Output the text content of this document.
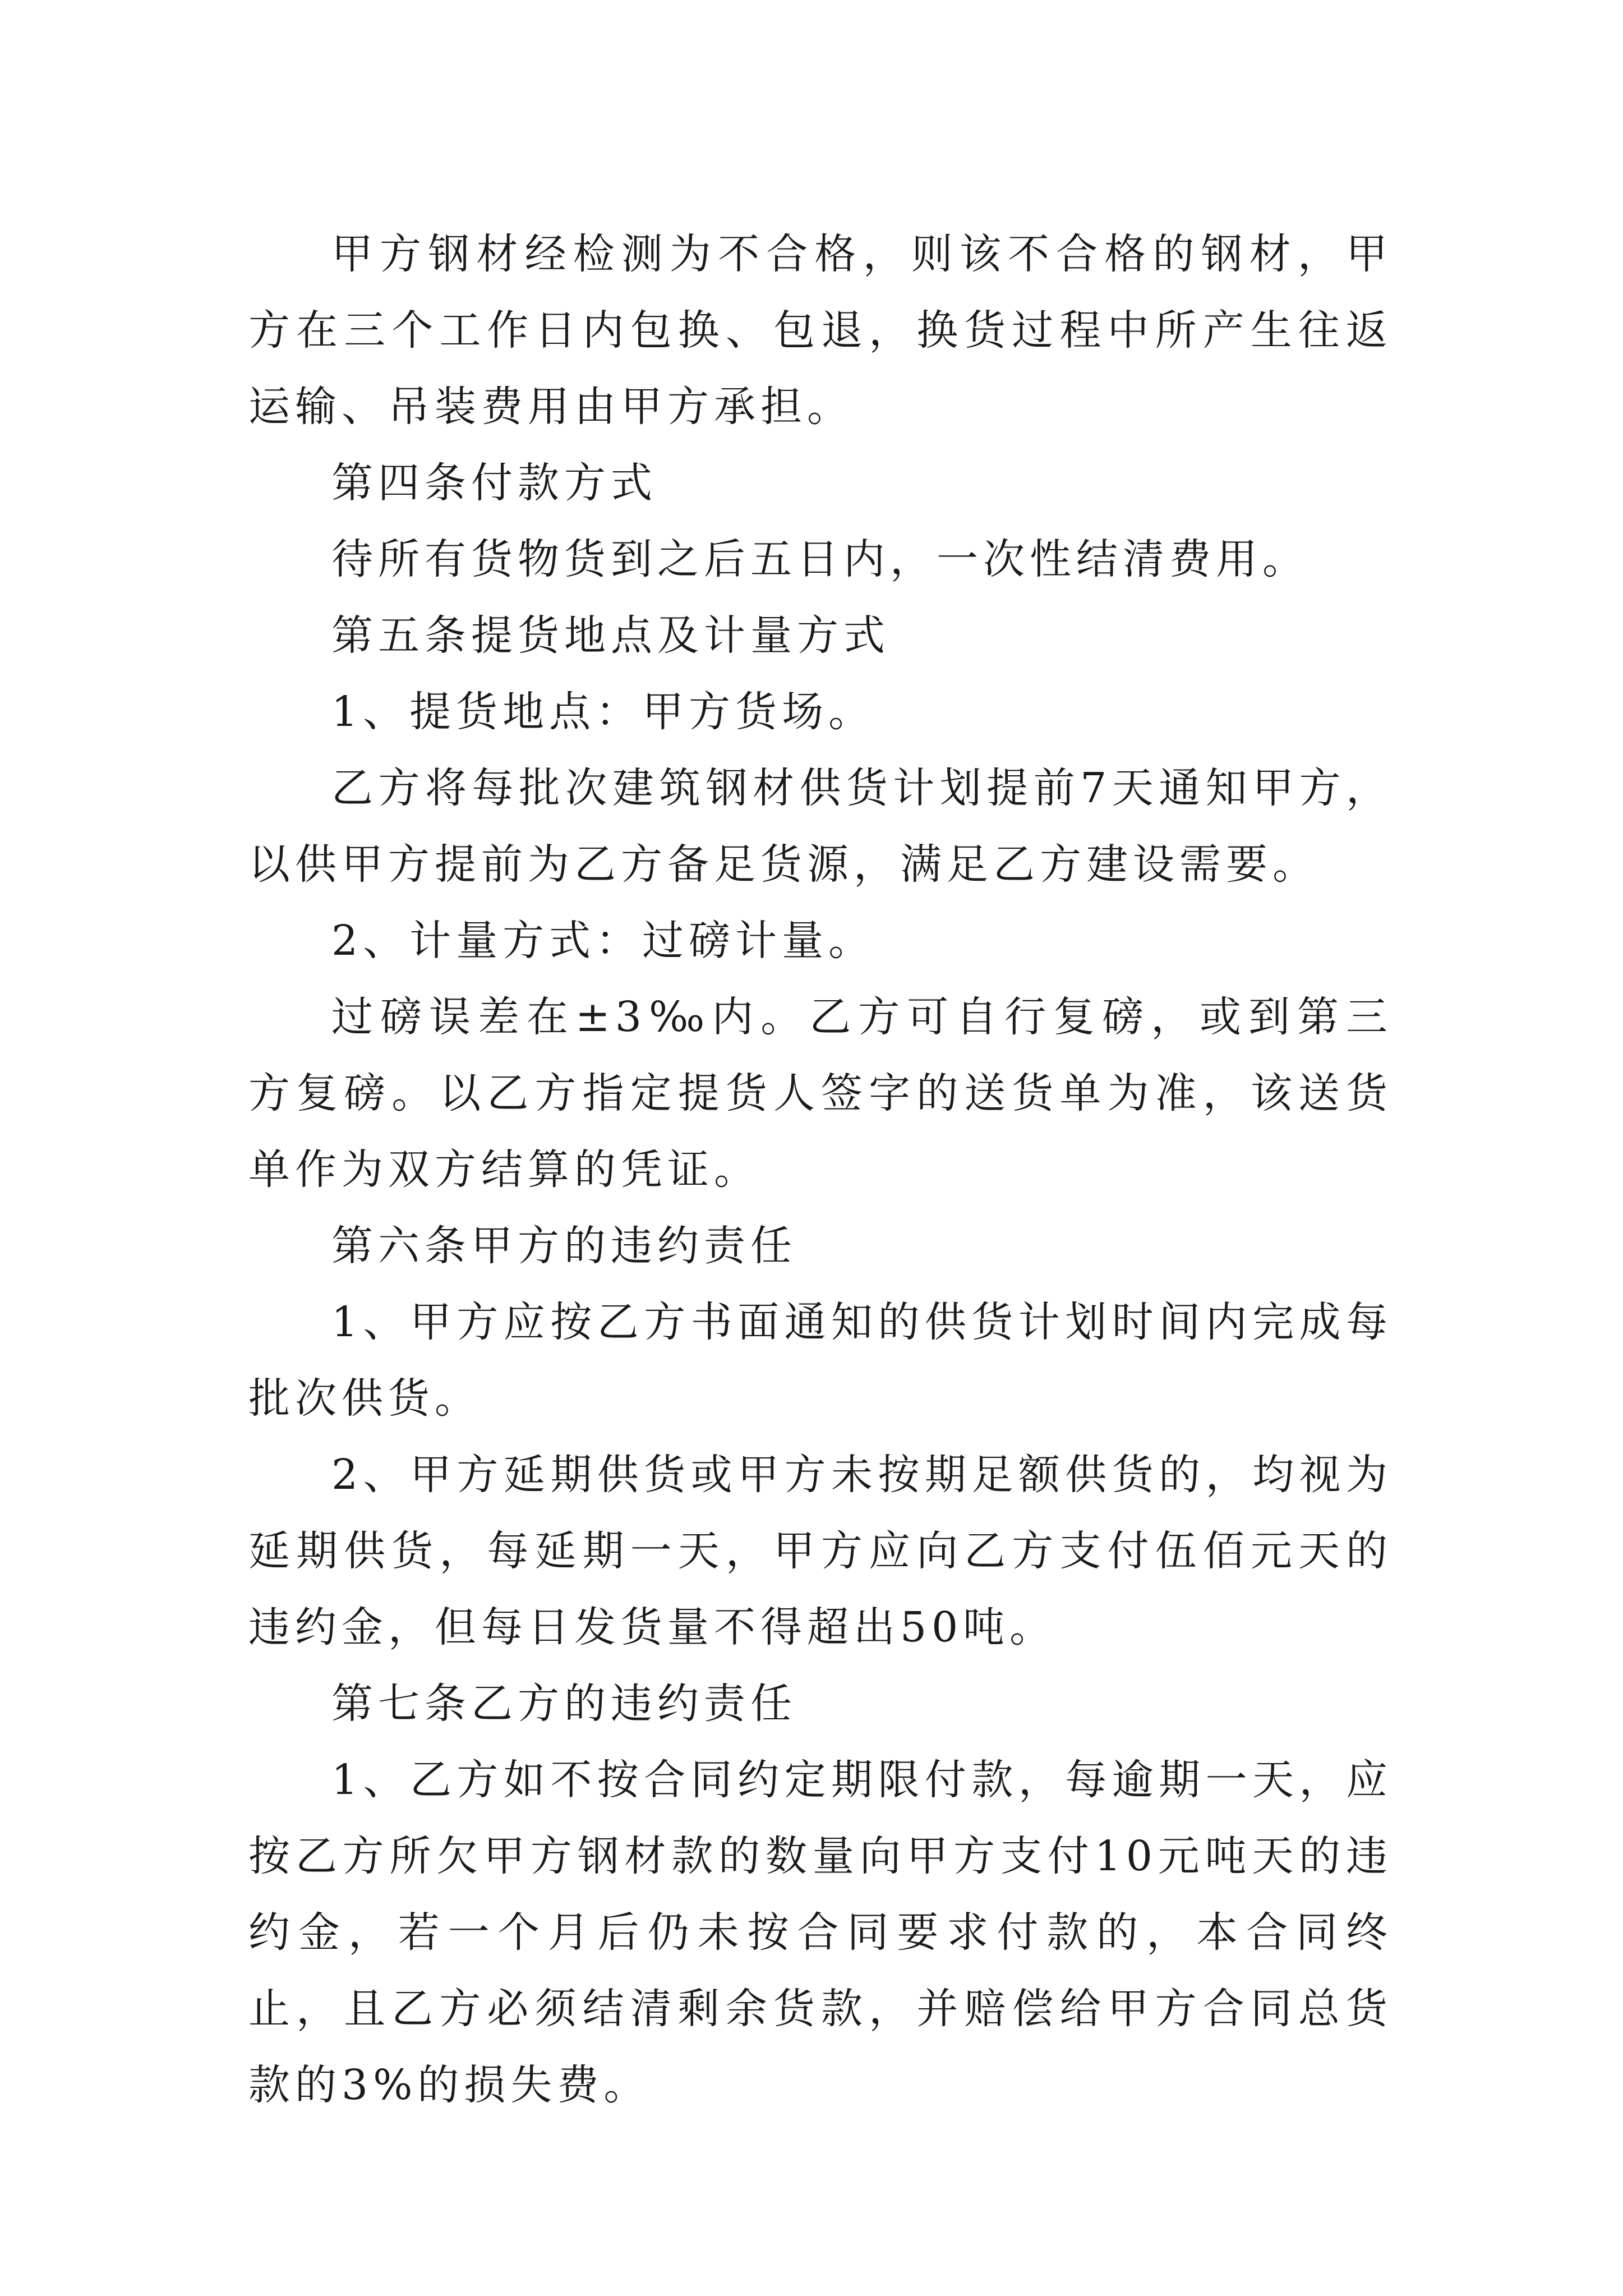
甲方钢材经检测为不合格，则该不合格的钢材，甲方在三个工作日内包换、包退，换货过程中所产生往返运输、吊装费用由甲方承担。

第四条付款方式

待所有货物货到之后五日内，一次性结清费用。

第五条提货地点及计量方式

1、提货地点：甲方货场。

乙方将每批次建筑钢材供货计划提前7天通知甲方，以供甲方提前为乙方备足货源，满足乙方建设需要。

2、计量方式：过磅计量。

过磅误差在±3‰内。乙方可自行复磅，或到第三方复磅。以乙方指定提货人签字的送货单为准，该送货单作为双方结算的凭证。

第六条甲方的违约责任

1、甲方应按乙方书面通知的供货计划时间内完成每批次供货。

2、甲方延期供货或甲方未按期足额供货的，均视为延期供货，每延期一天，甲方应向乙方支付伍佰元天的违约金，但每日发货量不得超出50吨。

第七条乙方的违约责任

1、乙方如不按合同约定期限付款，每逾期一天，应按乙方所欠甲方钢材款的数量向甲方支付10元吨天的违约金，若一个月后仍未按合同要求付款的，本合同终止，且乙方必须结清剩余货款，并赔偿给甲方合同总货款的3%的损失费。
